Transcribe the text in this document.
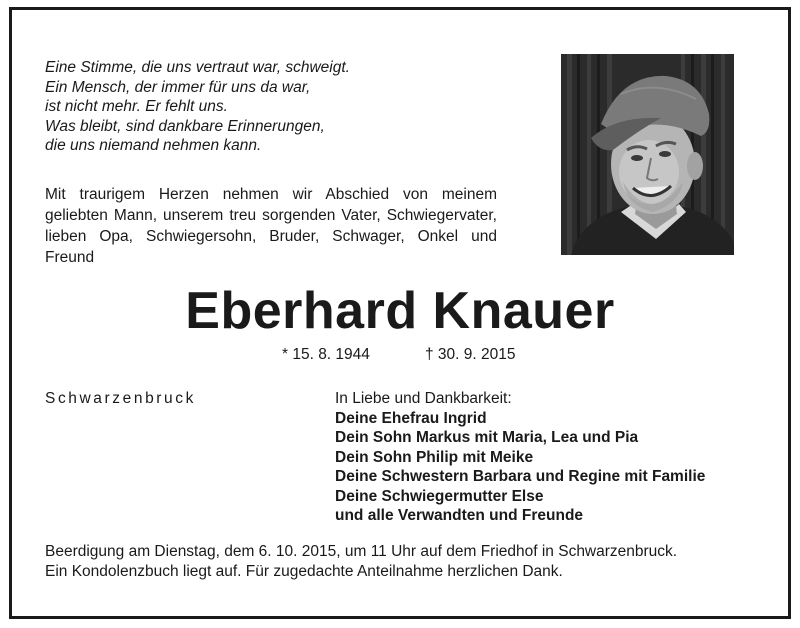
Eine Stimme, die uns vertraut war, schweigt.
Ein Mensch, der immer für uns da war,
ist nicht mehr. Er fehlt uns.
Was bleibt, sind dankbare Erinnerungen,
die uns niemand nehmen kann.
Mit traurigem Herzen nehmen wir Abschied von meinem geliebten Mann, unserem treu sorgenden Vater, Schwiegervater, lieben Opa, Schwiegersohn, Bruder, Schwager, Onkel und Freund
Eberhard Knauer
* 15. 8. 1944	† 30. 9. 2015
Schwarzenbruck	In Liebe und Dankbarkeit:
Deine Ehefrau Ingrid
Dein Sohn Markus mit Maria, Lea und Pia
Dein Sohn Philip mit Meike
Deine Schwestern Barbara und Regine mit Familie
Deine Schwiegermutter Else
und alle Verwandten und Freunde
Beerdigung am Dienstag, dem 6. 10. 2015, um 11 Uhr auf dem Friedhof in Schwarzenbruck.
Ein Kondolenzbuch liegt auf. Für zugedachte Anteilnahme herzlichen Dank.
